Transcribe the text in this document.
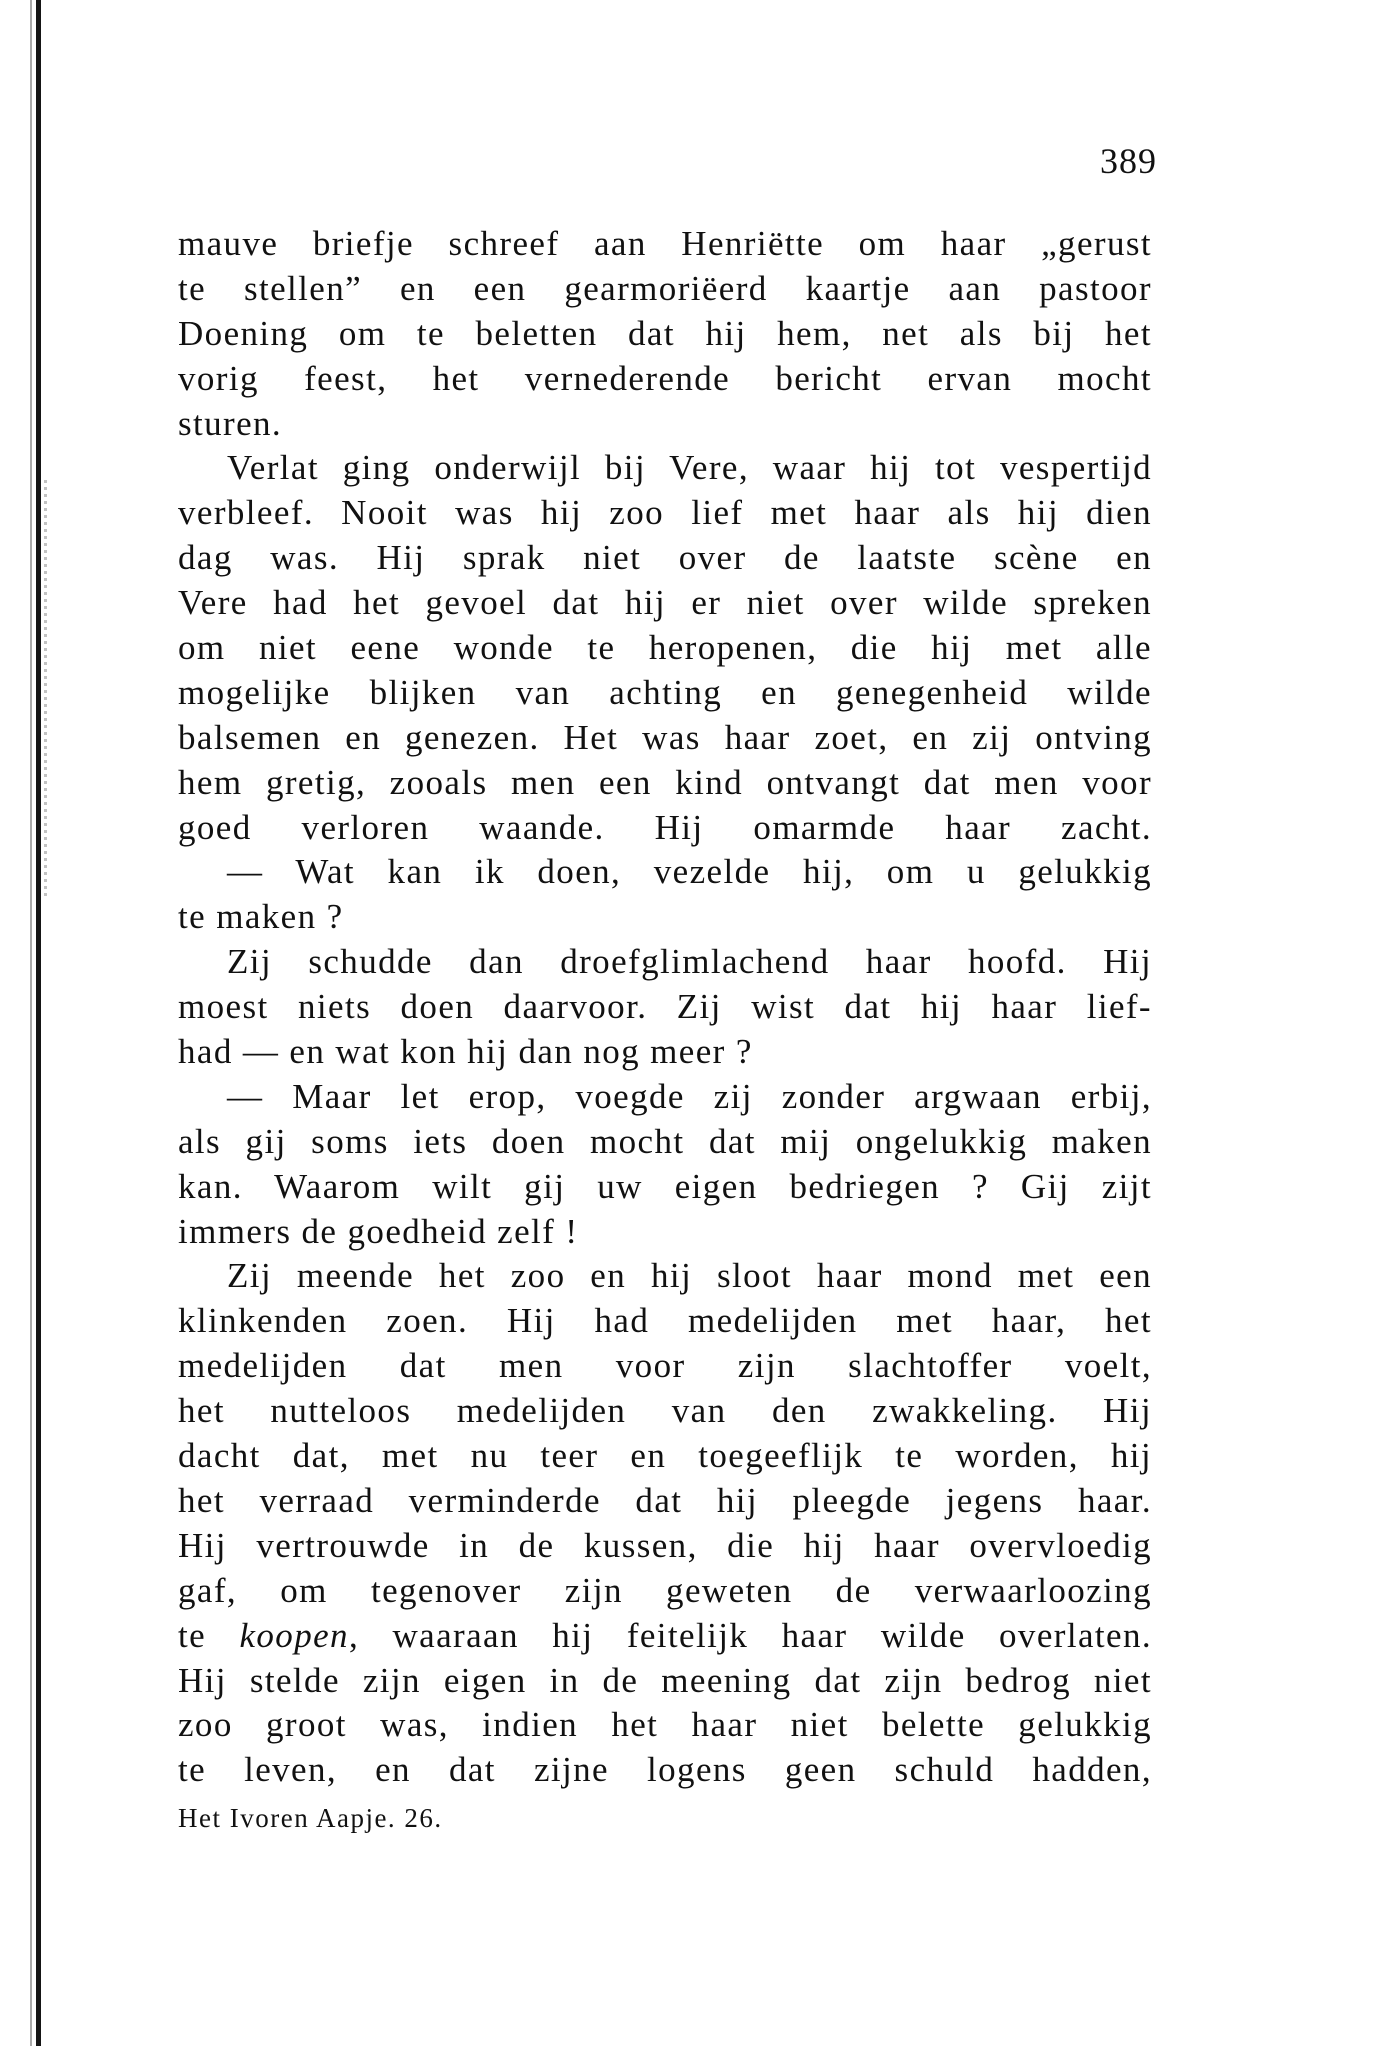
389
mauve briefje schreef aan Henriëtte om haar „gerust
te stellen” en een gearmoriëerd kaartje aan pastoor
Doening om te beletten dat hij hem, net als bij het
vorig feest, het vernederende bericht ervan mocht
sturen.
Verlat ging onderwijl bij Vere, waar hij tot vespertijd
verbleef. Nooit was hij zoo lief met haar als hij dien
dag was. Hij sprak niet over de laatste scène en
Vere had het gevoel dat hij er niet over wilde spreken
om niet eene wonde te heropenen, die hij met alle
mogelijke blijken van achting en genegenheid wilde
balsemen en genezen. Het was haar zoet, en zij ontving
hem gretig, zooals men een kind ontvangt dat men voor
goed verloren waande. Hij omarmde haar zacht.
— Wat kan ik doen, vezelde hij, om u gelukkig
te maken ?
Zij schudde dan droefglimlachend haar hoofd. Hij
moest niets doen daarvoor. Zij wist dat hij haar lief-
had — en wat kon hij dan nog meer ?
— Maar let erop, voegde zij zonder argwaan erbij,
als gij soms iets doen mocht dat mij ongelukkig maken
kan. Waarom wilt gij uw eigen bedriegen ? Gij zijt
immers de goedheid zelf !
Zij meende het zoo en hij sloot haar mond met een
klinkenden zoen. Hij had medelijden met haar, het
medelijden dat men voor zijn slachtoffer voelt,
het nutteloos medelijden van den zwakkeling. Hij
dacht dat, met nu teer en toegeeflijk te worden, hij
het verraad verminderde dat hij pleegde jegens haar.
Hij vertrouwde in de kussen, die hij haar overvloedig
gaf, om tegenover zijn geweten de verwaarloozing
te koopen, waaraan hij feitelijk haar wilde overlaten.
Hij stelde zijn eigen in de meening dat zijn bedrog niet
zoo groot was, indien het haar niet belette gelukkig
te leven, en dat zijne logens geen schuld hadden,
Het Ivoren Aapje. 26.
